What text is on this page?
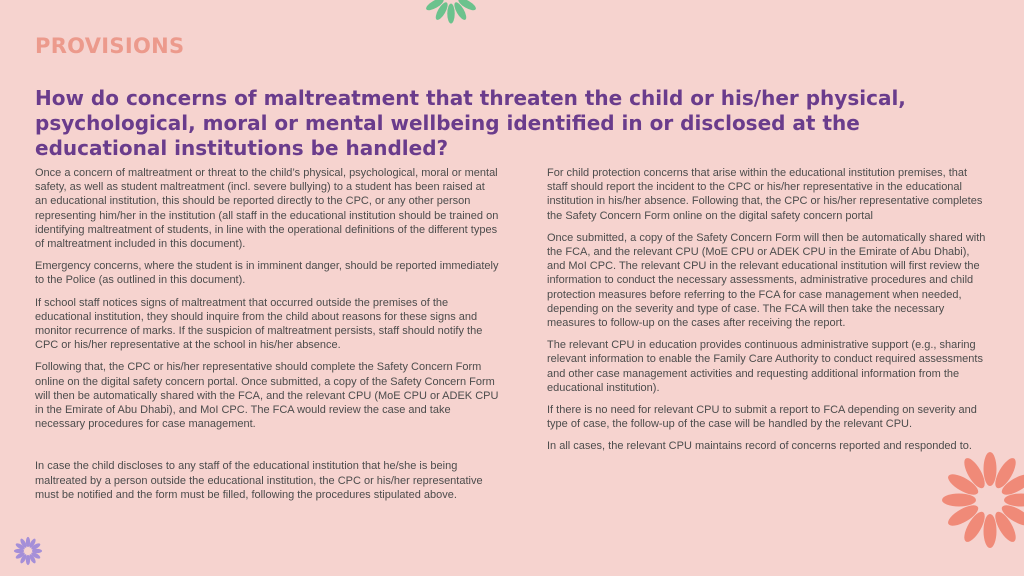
PROVISIONS
How do concerns of maltreatment that threaten the child or his/her physical, psychological, moral or mental wellbeing identified in or disclosed at the educational institutions be handled?

Once a concern of maltreatment or threat to the child’s physical, psychological, moral or mental safety, as well as student maltreatment (incl. severe bullying) to a student has been raised at an educational institution, this should be reported directly to the CPC, or any other person representing him/her in the institution (all staff in the educational institution should be trained on identifying maltreatment of students, in line with the operational definitions of the different types of maltreatment included in this document).

Emergency concerns, where the student is in imminent danger, should be reported immediately to the Police (as outlined in this document).

If school staff notices signs of maltreatment that occurred outside the premises of the educational institution, they should inquire from the child about reasons for these signs and monitor recurrence of marks. If the suspicion of maltreatment persists, staff should notify the CPC or his/her representative at the school in his/her absence.

Following that, the CPC or his/her representative should complete the Safety Concern Form online on the digital safety concern portal. Once submitted, a copy of the Safety Concern Form will then be automatically shared with the FCA, and the relevant CPU (MoE CPU or ADEK CPU in the Emirate of Abu Dhabi), and MoI CPC. The FCA would review the case and take necessary procedures for case management.

In case the child discloses to any staff of the educational institution that he/she is being maltreated by a person outside the educational institution, the CPC or his/her representative must be notified and the form must be filled, following the procedures stipulated above.

For child protection concerns that arise within the educational institution premises, that staff should report the incident to the CPC or his/her representative in the educational institution in his/her absence. Following that, the CPC or his/her representative completes the Safety Concern Form online on the digital safety concern portal

Once submitted, a copy of the Safety Concern Form will then be automatically shared with the FCA, and the relevant CPU (MoE CPU or ADEK CPU in the Emirate of Abu Dhabi), and MoI CPC. The relevant CPU in the relevant educational institution will first review the information to conduct the necessary assessments, administrative procedures and child protection measures before referring to the FCA for case management when needed, depending on the severity and type of case. The FCA will then take the necessary measures to follow-up on the cases after receiving the report.

The relevant CPU in education provides continuous administrative support (e.g., sharing relevant information to enable the Family Care Authority to conduct required assessments and other case management activities and requesting additional information from the educational institution).

If there is no need for relevant CPU to submit a report to FCA depending on severity and type of case, the follow-up of the case will be handled by the relevant CPU.

In all cases, the relevant CPU maintains record of concerns reported and responded to.
